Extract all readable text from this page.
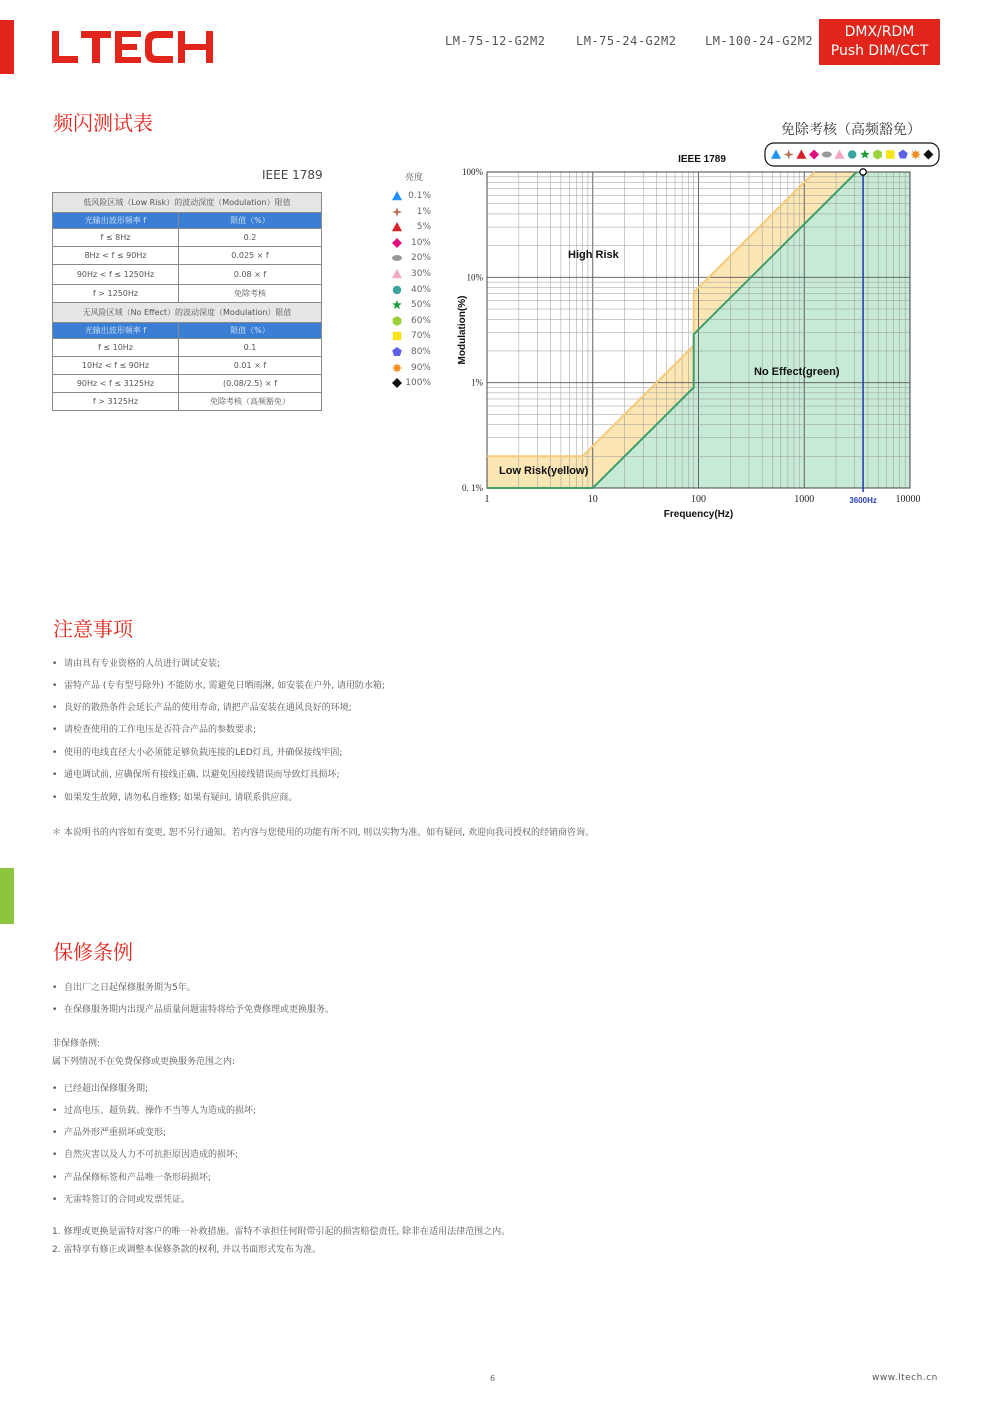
LM-75-12-G2M2	LM-75-24-G2M2 LM-100-24-G2M2
DMX/RDM
Push DIM/CCT
频闪测试表
IEEE 1789
低风险区域（Low Risk）的波动深度（Modulation）限值	
光输出波形频率 f	限值（%）
f ≤ 8Hz	0.2
8Hz < f ≤ 90Hz	0.025 × f
90Hz < f ≤ 1250Hz	0.08 × f
f > 1250Hz	免除考核
无风险区域（No Effect）的波动深度（Modulation）限值	
光输出波形频率 f	限值（%）
f ≤ 10Hz	0.1
10Hz < f ≤ 90Hz	0.01 × f
90Hz < f ≤ 3125Hz	(0.08/2.5) × f
f > 3125Hz	免除考核（高频豁免）
亮度
0.1%
1%
5%
10%
20%
30%
40%
50%
60%
70%
80%
90%
100%
3600Hz
1	10	100	1000	10000
0. 1%
1%
10%
100%
Frequency(Hz)
Modulation(%)
IEEE 1789
High Risk
No Effect(green)
Low Risk(yellow)
免除考核（高频豁免）
注意事项
• 请由具有专业资格的人员进行调试安装;
• 雷特产品 (专有型号除外) 不能防水, 需避免日晒雨淋, 如安装在户外, 请用防水箱;
• 良好的散热条件会延长产品的使用寿命, 请把产品安装在通风良好的环境;
• 请检查使用的工作电压是否符合产品的参数要求;
• 使用的电线直径大小必须能足够负载连接的LED灯具, 并确保接线牢固;
• 通电调试前, 应确保所有接线正确, 以避免因接线错误而导致灯具损坏;
• 如果发生故障, 请勿私自维修; 如果有疑问, 请联系供应商。
＊ 本说明书的内容如有变更, 恕不另行通知。若内容与您使用的功能有所不同, 则以实物为准。如有疑问, 欢迎向我司授权的经销商咨询。
保修条例
• 自出厂之日起保修服务期为5年。
• 在保修服务期内出现产品质量问题雷特将给予免费修理或更换服务。
非保修条例:
属下列情况不在免费保修或更换服务范围之内:
• 已经超出保修服务期;
• 过高电压、超负载、操作不当等人为造成的损坏;
• 产品外形严重损坏或变形;
• 自然灾害以及人力不可抗拒原因造成的损坏;
• 产品保修标签和产品唯一条形码损坏;
• 无雷特签订的合同或发票凭证。
1. 修理或更换是雷特对客户的唯一补救措施。雷特不承担任何附带引起的损害赔偿责任, 除非在适用法律范围之内。
2. 雷特享有修正或调整本保修条款的权利, 并以书面形式发布为准。
6	www.ltech.cn
